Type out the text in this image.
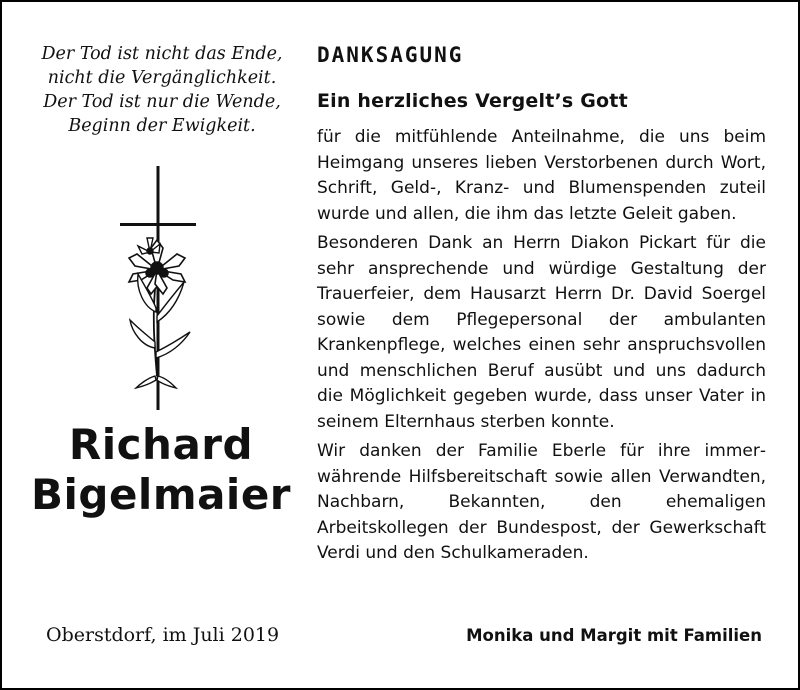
Der Tod ist nicht das Ende,
nicht die Vergänglichkeit.
Der Tod ist nur die Wende,
Beginn der Ewigkeit.
Richard
Bigelmaier
Oberstdorf, im Juli 2019
DANKSAGUNG
Ein herzliches Vergelt’s Gott

für die mitfühlende Anteilnahme, die uns beim Heimgang unseres lieben Verstorbenen durch Wort, Schrift, Geld-, Kranz- und Blumenspenden zuteil wurde und allen, die ihm das letzte Geleit gaben.

Besonderen Dank an Herrn Diakon Pickart für die sehr ansprechende und würdige Gestaltung der Trauerfeier, dem Hausarzt Herrn Dr. David Soergel sowie dem Pflegepersonal der ambulanten Krankenpflege, welches einen sehr anspruchsvollen und menschlichen Beruf ausübt und uns dadurch die Möglichkeit gegeben wurde, dass unser Vater in seinem Elternhaus sterben konnte.

Wir danken der Familie Eberle für ihre immerwährende Hilfsbereitschaft sowie allen Verwandten, Nachbarn, Bekannten, den ehemaligen Arbeitskollegen der Bundespost, der Gewerkschaft Verdi und den Schulkameraden.

Monika und Margit mit Familien
